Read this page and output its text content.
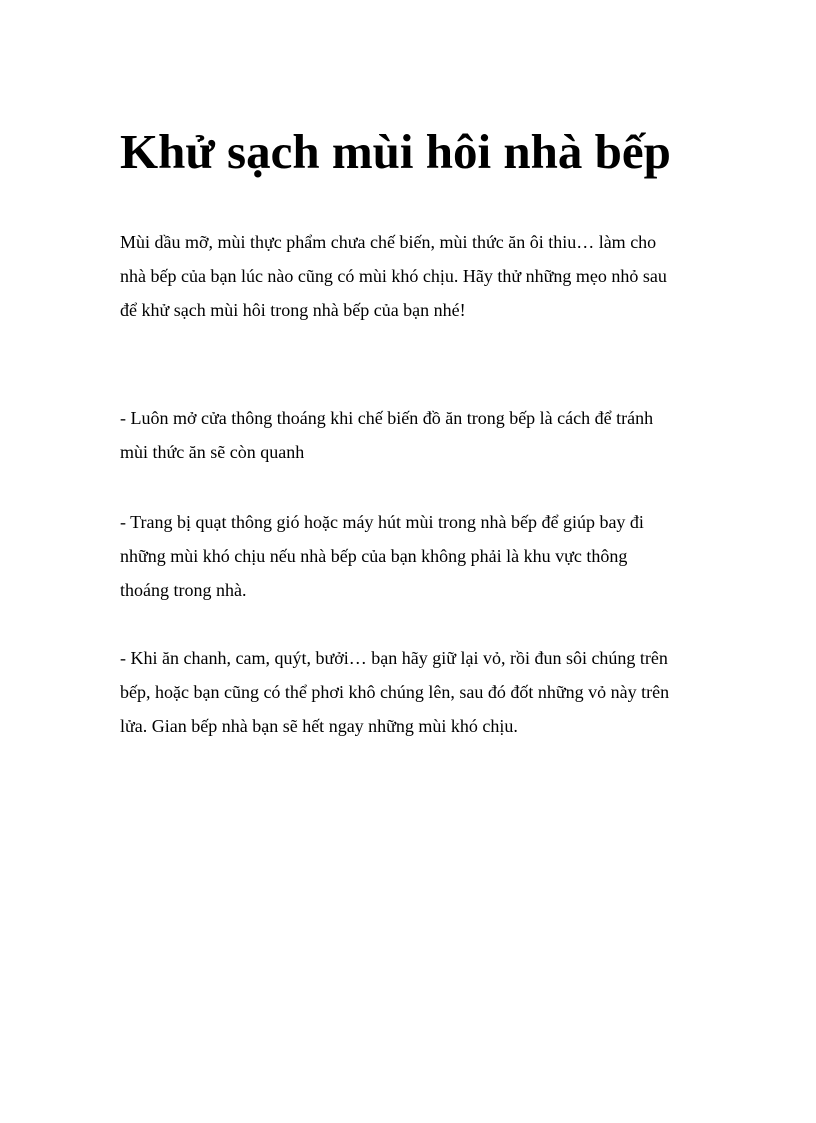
Khử sạch mùi hôi nhà bếp
Mùi dầu mỡ, mùi thực phẩm chưa chế biến, mùi thức ăn ôi thiu… làm cho
nhà bếp của bạn lúc nào cũng có mùi khó chịu. Hãy thử những mẹo nhỏ sau
để khử sạch mùi hôi trong nhà bếp của bạn nhé!
- Luôn mở cửa thông thoáng khi chế biến đồ ăn trong bếp là cách để tránh
mùi thức ăn sẽ còn quanh
- Trang bị quạt thông gió hoặc máy hút mùi trong nhà bếp để giúp bay đi
những mùi khó chịu nếu nhà bếp của bạn không phải là khu vực thông
thoáng trong nhà.
- Khi ăn chanh, cam, quýt, bưởi… bạn hãy giữ lại vỏ, rồi đun sôi chúng trên
bếp, hoặc bạn cũng có thể phơi khô chúng lên, sau đó đốt những vỏ này trên
lửa. Gian bếp nhà bạn sẽ hết ngay những mùi khó chịu.
